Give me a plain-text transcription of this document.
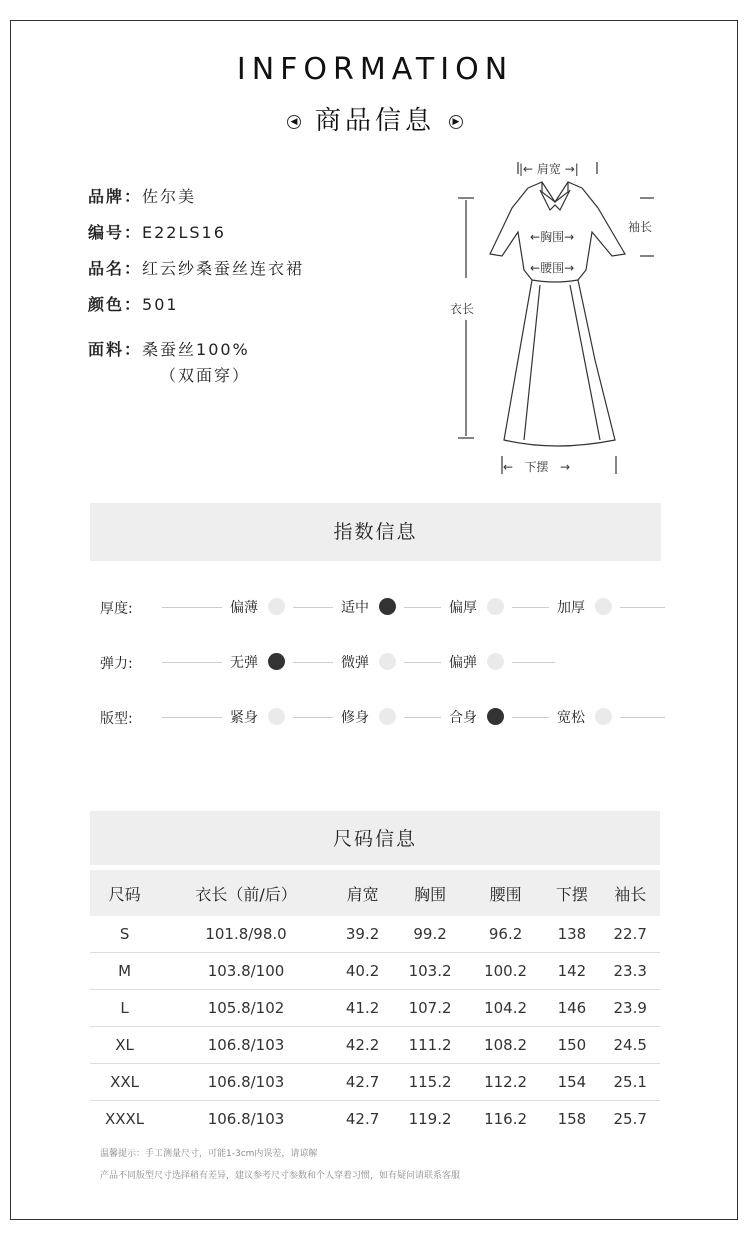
INFORMATION
◀ 商品信息 ▶
品牌：佐尔美
编号：E22LS16
品名：红云纱桑蚕丝连衣裙
颜色：501
面料：桑蚕丝100%
（双面穿）
|← 肩宽 →|
袖长
←胸围→
←腰围→
衣长
←   下摆   →
指数信息
厚度:	偏薄	适中	偏厚	加厚
弹力:	无弹	微弹	偏弹
版型:	紧身	修身	合身	宽松
尺码信息
尺码	衣长（前/后）	肩宽	胸围	腰围	下摆	袖长
S	101.8/98.0	39.2	99.2	96.2	138	22.7
M	103.8/100	40.2	103.2	100.2	142	23.3
L	105.8/102	41.2	107.2	104.2	146	23.9
XL	106.8/103	42.2	111.2	108.2	150	24.5
XXL	106.8/103	42.7	115.2	112.2	154	25.1
XXXL	106.8/103	42.7	119.2	116.2	158	25.7
温馨提示：手工测量尺寸，可能1-3cm内误差，请谅解
产品不同版型尺寸选择稍有差异，建议参考尺寸参数和个人穿着习惯，如有疑问请联系客服
